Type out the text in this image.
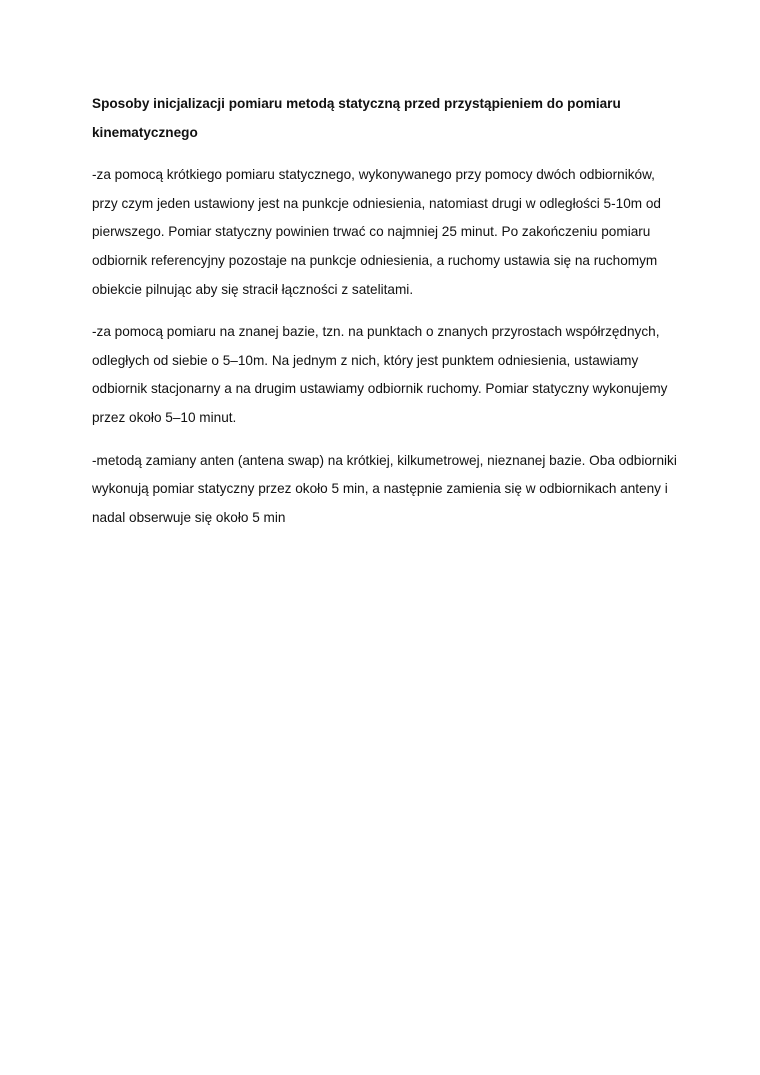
Sposoby inicjalizacji pomiaru metodą statyczną przed przystąpieniem do pomiaru kinematycznego

-za pomocą krótkiego pomiaru statycznego, wykonywanego przy pomocy dwóch odbiorników, przy czym jeden ustawiony jest na punkcje odniesienia, natomiast drugi w odległości 5-10m od pierwszego. Pomiar statyczny powinien trwać co najmniej 25 minut. Po zakończeniu pomiaru odbiornik referencyjny pozostaje na punkcje odniesienia, a ruchomy ustawia się na ruchomym obiekcie pilnując aby się stracił łączności z satelitami.

-za pomocą pomiaru na znanej bazie, tzn. na punktach o znanych przyrostach współrzędnych, odległych od siebie o 5–10m. Na jednym z nich, który jest punktem odniesienia, ustawiamy odbiornik stacjonarny a na drugim ustawiamy odbiornik ruchomy. Pomiar statyczny wykonujemy przez około 5–10 minut.

-metodą zamiany anten (antena swap) na krótkiej, kilkumetrowej, nieznanej bazie. Oba odbiorniki wykonują pomiar statyczny przez około 5 min, a następnie zamienia się w odbiornikach anteny i nadal obserwuje się około 5 min
